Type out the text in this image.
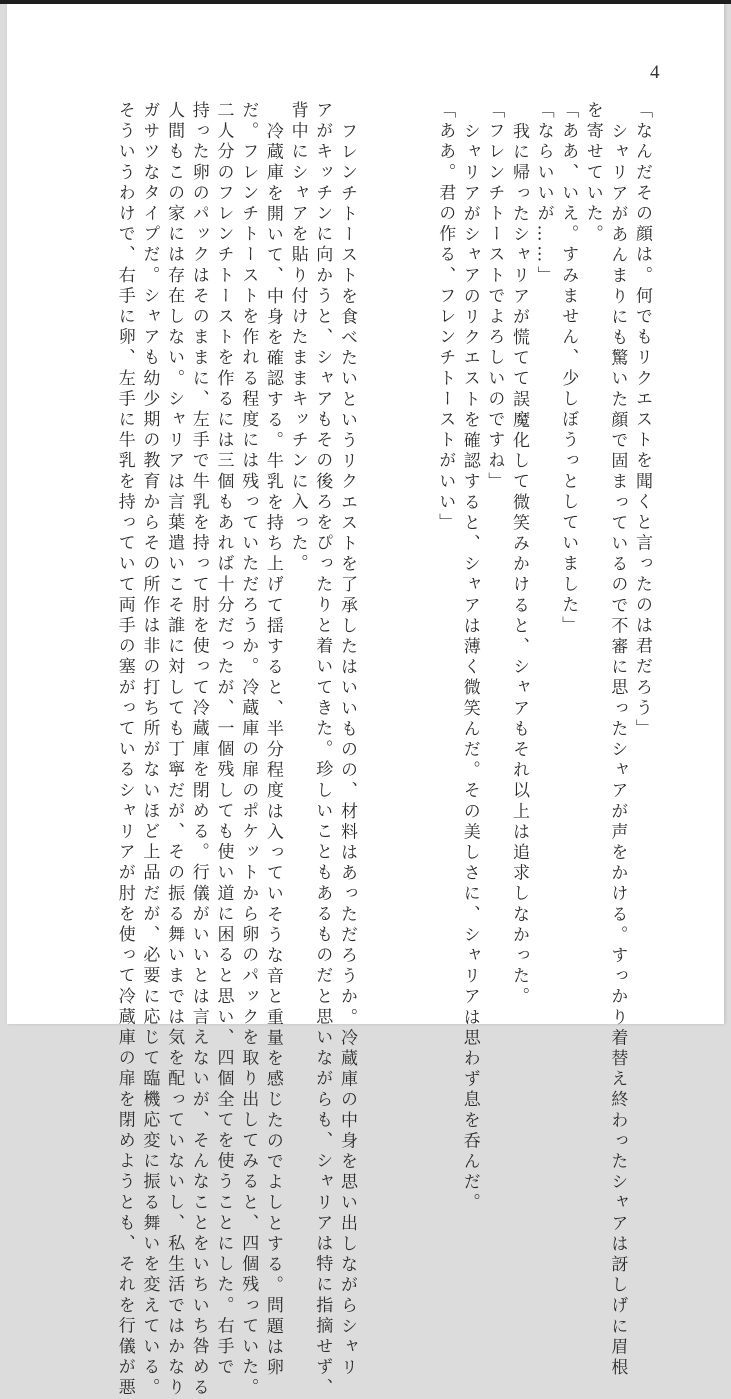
4
「なんだその顔は。何でもリクエストを聞くと言ったのは君だろう」
シャリアがあんまりにも驚いた顔で固まっているので不審に思ったシャアが声をかける。すっかり着替え終わったシャアは訝しげに眉根
を寄せていた。
「ああ、いえ。すみません、少しぼうっとしていました」
「ならいいが……」
我に帰ったシャリアが慌てて誤魔化して微笑みかけると、シャアもそれ以上は追求しなかった。
「フレンチトーストでよろしいのですね」
シャリアがシャアのリクエストを確認すると、シャアは薄く微笑んだ。その美しさに、シャリアは思わず息を呑んだ。
「ああ。君の作る、フレンチトーストがいい」
フレンチトーストを食べたいというリクエストを了承したはいいものの、材料はあっただろうか。冷蔵庫の中身を思い出しながらシャリ
アがキッチンに向かうと、シャアもその後ろをぴったりと着いてきた。珍しいこともあるものだと思いながらも、シャリアは特に指摘せず、
背中にシャアを貼り付けたままキッチンに入った。
冷蔵庫を開いて、中身を確認する。牛乳を持ち上げて揺すると、半分程度は入っていそうな音と重量を感じたのでよしとする。問題は卵
だ。フレンチトーストを作れる程度には残っていただろうか。冷蔵庫の扉のポケットから卵のパックを取り出してみると、四個残っていた。
二人分のフレンチトーストを作るには三個もあれば十分だったが、一個残しても使い道に困ると思い、四個全てを使うことにした。右手で
持った卵のパックはそのままに、左手で牛乳を持って肘を使って冷蔵庫を閉める。行儀がいいとは言えないが、そんなことをいちいち咎める
人間もこの家には存在しない。シャリアは言葉遣いこそ誰に対しても丁寧だが、その振る舞いまでは気を配っていないし、私生活ではかなり
ガサツなタイプだ。シャアも幼少期の教育からその所作は非の打ち所がないほど上品だが、必要に応じて臨機応変に振る舞いを変えている。
そういうわけで、右手に卵、左手に牛乳を持っていて両手の塞がっているシャリアが肘を使って冷蔵庫の扉を閉めようとも、それを行儀が悪
